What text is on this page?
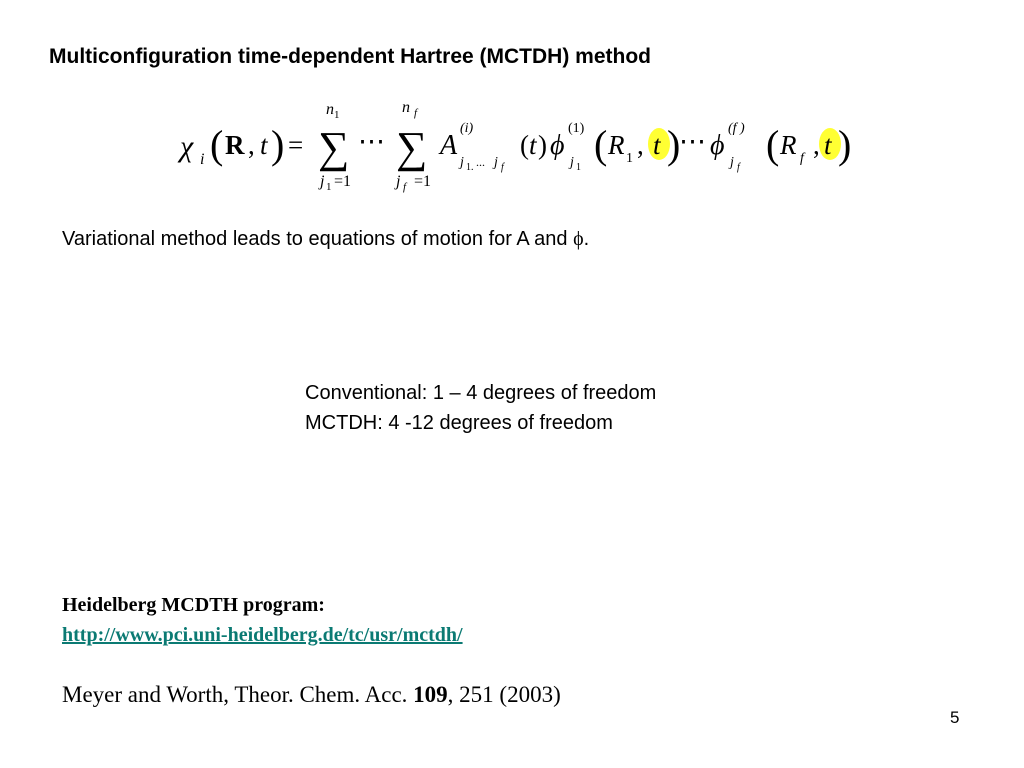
Multiconfiguration time-dependent Hartree (MCTDH) method
χ i ( R , t ) =
n 1
∑
j 1 =1
⋯
n f
∑
j f =1
A
(i)
j 1. ... j f
( t ) ϕ
(1)
j 1
( R 1 , t )
⋯ ϕ
(f )
j f
( R f , t )
Variational method leads to equations of motion for A and ϕ.
Conventional: 1 – 4 degrees of freedom
MCTDH: 4 -12 degrees of freedom
Heidelberg MCDTH program:
http://www.pci.uni-heidelberg.de/tc/usr/mctdh/
Meyer and Worth, Theor. Chem. Acc. 109, 251 (2003)
5
